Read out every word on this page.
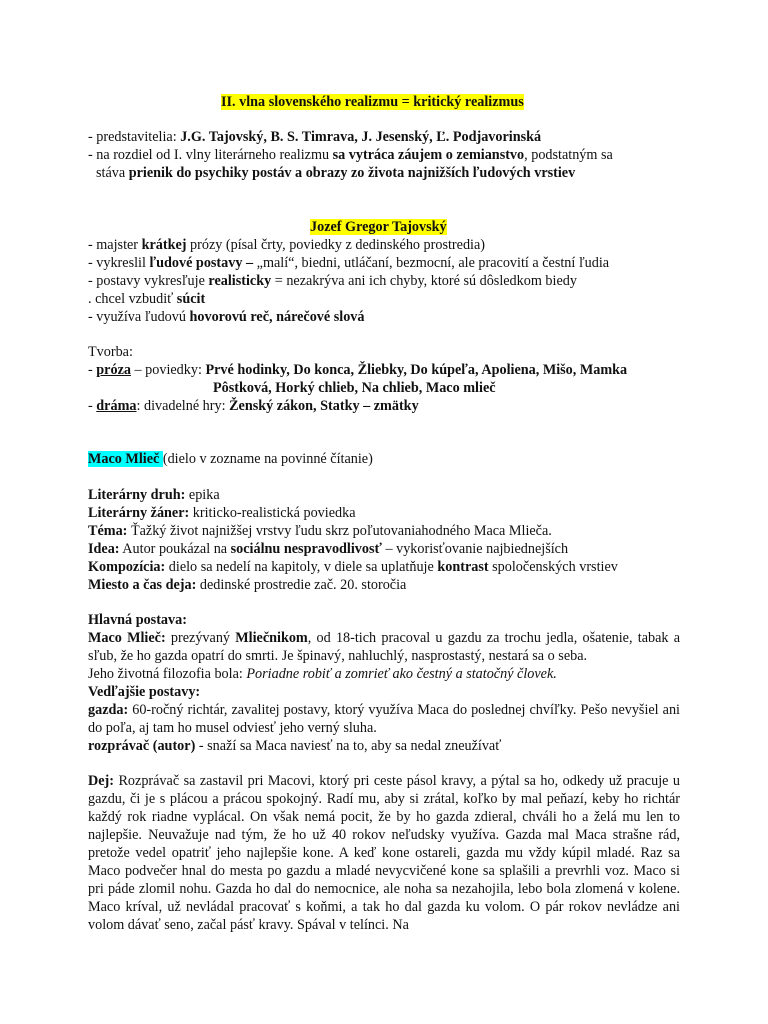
II. vlna slovenského realizmu = kritický realizmus
- predstavitelia: J.G. Tajovský, B. S. Timrava, J. Jesenský, Ľ. Podjavorinská
- na rozdiel od I. vlny literárneho realizmu sa vytráca záujem o zemianstvo, podstatným sa
stáva prienik do psychiky postáv a obrazy zo života najnižších ľudových vrstiev
Jozef Gregor Tajovský
- majster krátkej prózy (písal črty, poviedky z dedinského prostredia)
- vykreslil ľudové postavy – „malí“, biedni, utláčaní, bezmocní, ale pracovití a čestní ľudia
- postavy vykresľuje realisticky = nezakrýva ani ich chyby, ktoré sú dôsledkom biedy
. chcel vzbudiť súcit
- využíva ľudovú hovorovú reč, nárečové slová
Tvorba:
- próza – poviedky: Prvé hodinky, Do konca, Žliebky, Do kúpeľa, Apoliena, Mišo, Mamka
Pôstková, Horký chlieb, Na chlieb, Maco mlieč
- dráma: divadelné hry: Ženský zákon, Statky – zmätky
Maco Mlieč (dielo v zozname na povinné čítanie)
Literárny druh: epika
Literárny žáner: kriticko-realistická poviedka
Téma: Ťažký život najnižšej vrstvy ľudu skrz poľutovaniahodného Maca Mlieča.
Idea: Autor poukázal na sociálnu nespravodlivosť – vykorisťovanie najbiednejších
Kompozícia: dielo sa nedelí na kapitoly, v diele sa uplatňuje kontrast spoločenských vrstiev
Miesto a čas deja: dedinské prostredie zač. 20. storočia
Hlavná postava:
Maco Mlieč: prezývaný Mliečnikom, od 18-tich pracoval u gazdu za trochu jedla, ošatenie, tabak a sľub, že ho gazda opatrí do smrti. Je špinavý, nahluchlý, nasprostastý, nestará sa o seba.
Jeho životná filozofia bola: Poriadne robiť a zomrieť ako čestný a statočný človek.
Vedľajšie postavy:
gazda: 60-ročný richtár, zavalitej postavy, ktorý využíva Maca do poslednej chvíľky. Pešo nevyšiel ani do poľa, aj tam ho musel odviesť jeho verný sluha.
rozprávač (autor) - snaží sa Maca naviesť na to, aby sa nedal zneužívať
Dej: Rozprávač sa zastavil pri Macovi, ktorý pri ceste pásol kravy, a pýtal sa ho, odkedy už pracuje u gazdu, či je s plácou a prácou spokojný. Radí mu, aby si zrátal, koľko by mal peňazí, keby ho richtár každý rok riadne vyplácal. On však nemá pocit, že by ho gazda zdieral, chváli ho a želá mu len to najlepšie. Neuvažuje nad tým, že ho už 40 rokov neľudsky využíva. Gazda mal Maca strašne rád, pretože vedel opatriť jeho najlepšie kone. A keď kone ostareli, gazda mu vždy kúpil mladé. Raz sa Maco podvečer hnal do mesta po gazdu a mladé nevycvičené kone sa splašili a prevrhli voz. Maco si pri páde zlomil nohu. Gazda ho dal do nemocnice, ale noha sa nezahojila, lebo bola zlomená v kolene. Maco kríval, už nevládal pracovať s koňmi, a tak ho dal gazda ku volom. O pár rokov nevládze ani volom dávať seno, začal pásť kravy. Spával v telínci. Na
